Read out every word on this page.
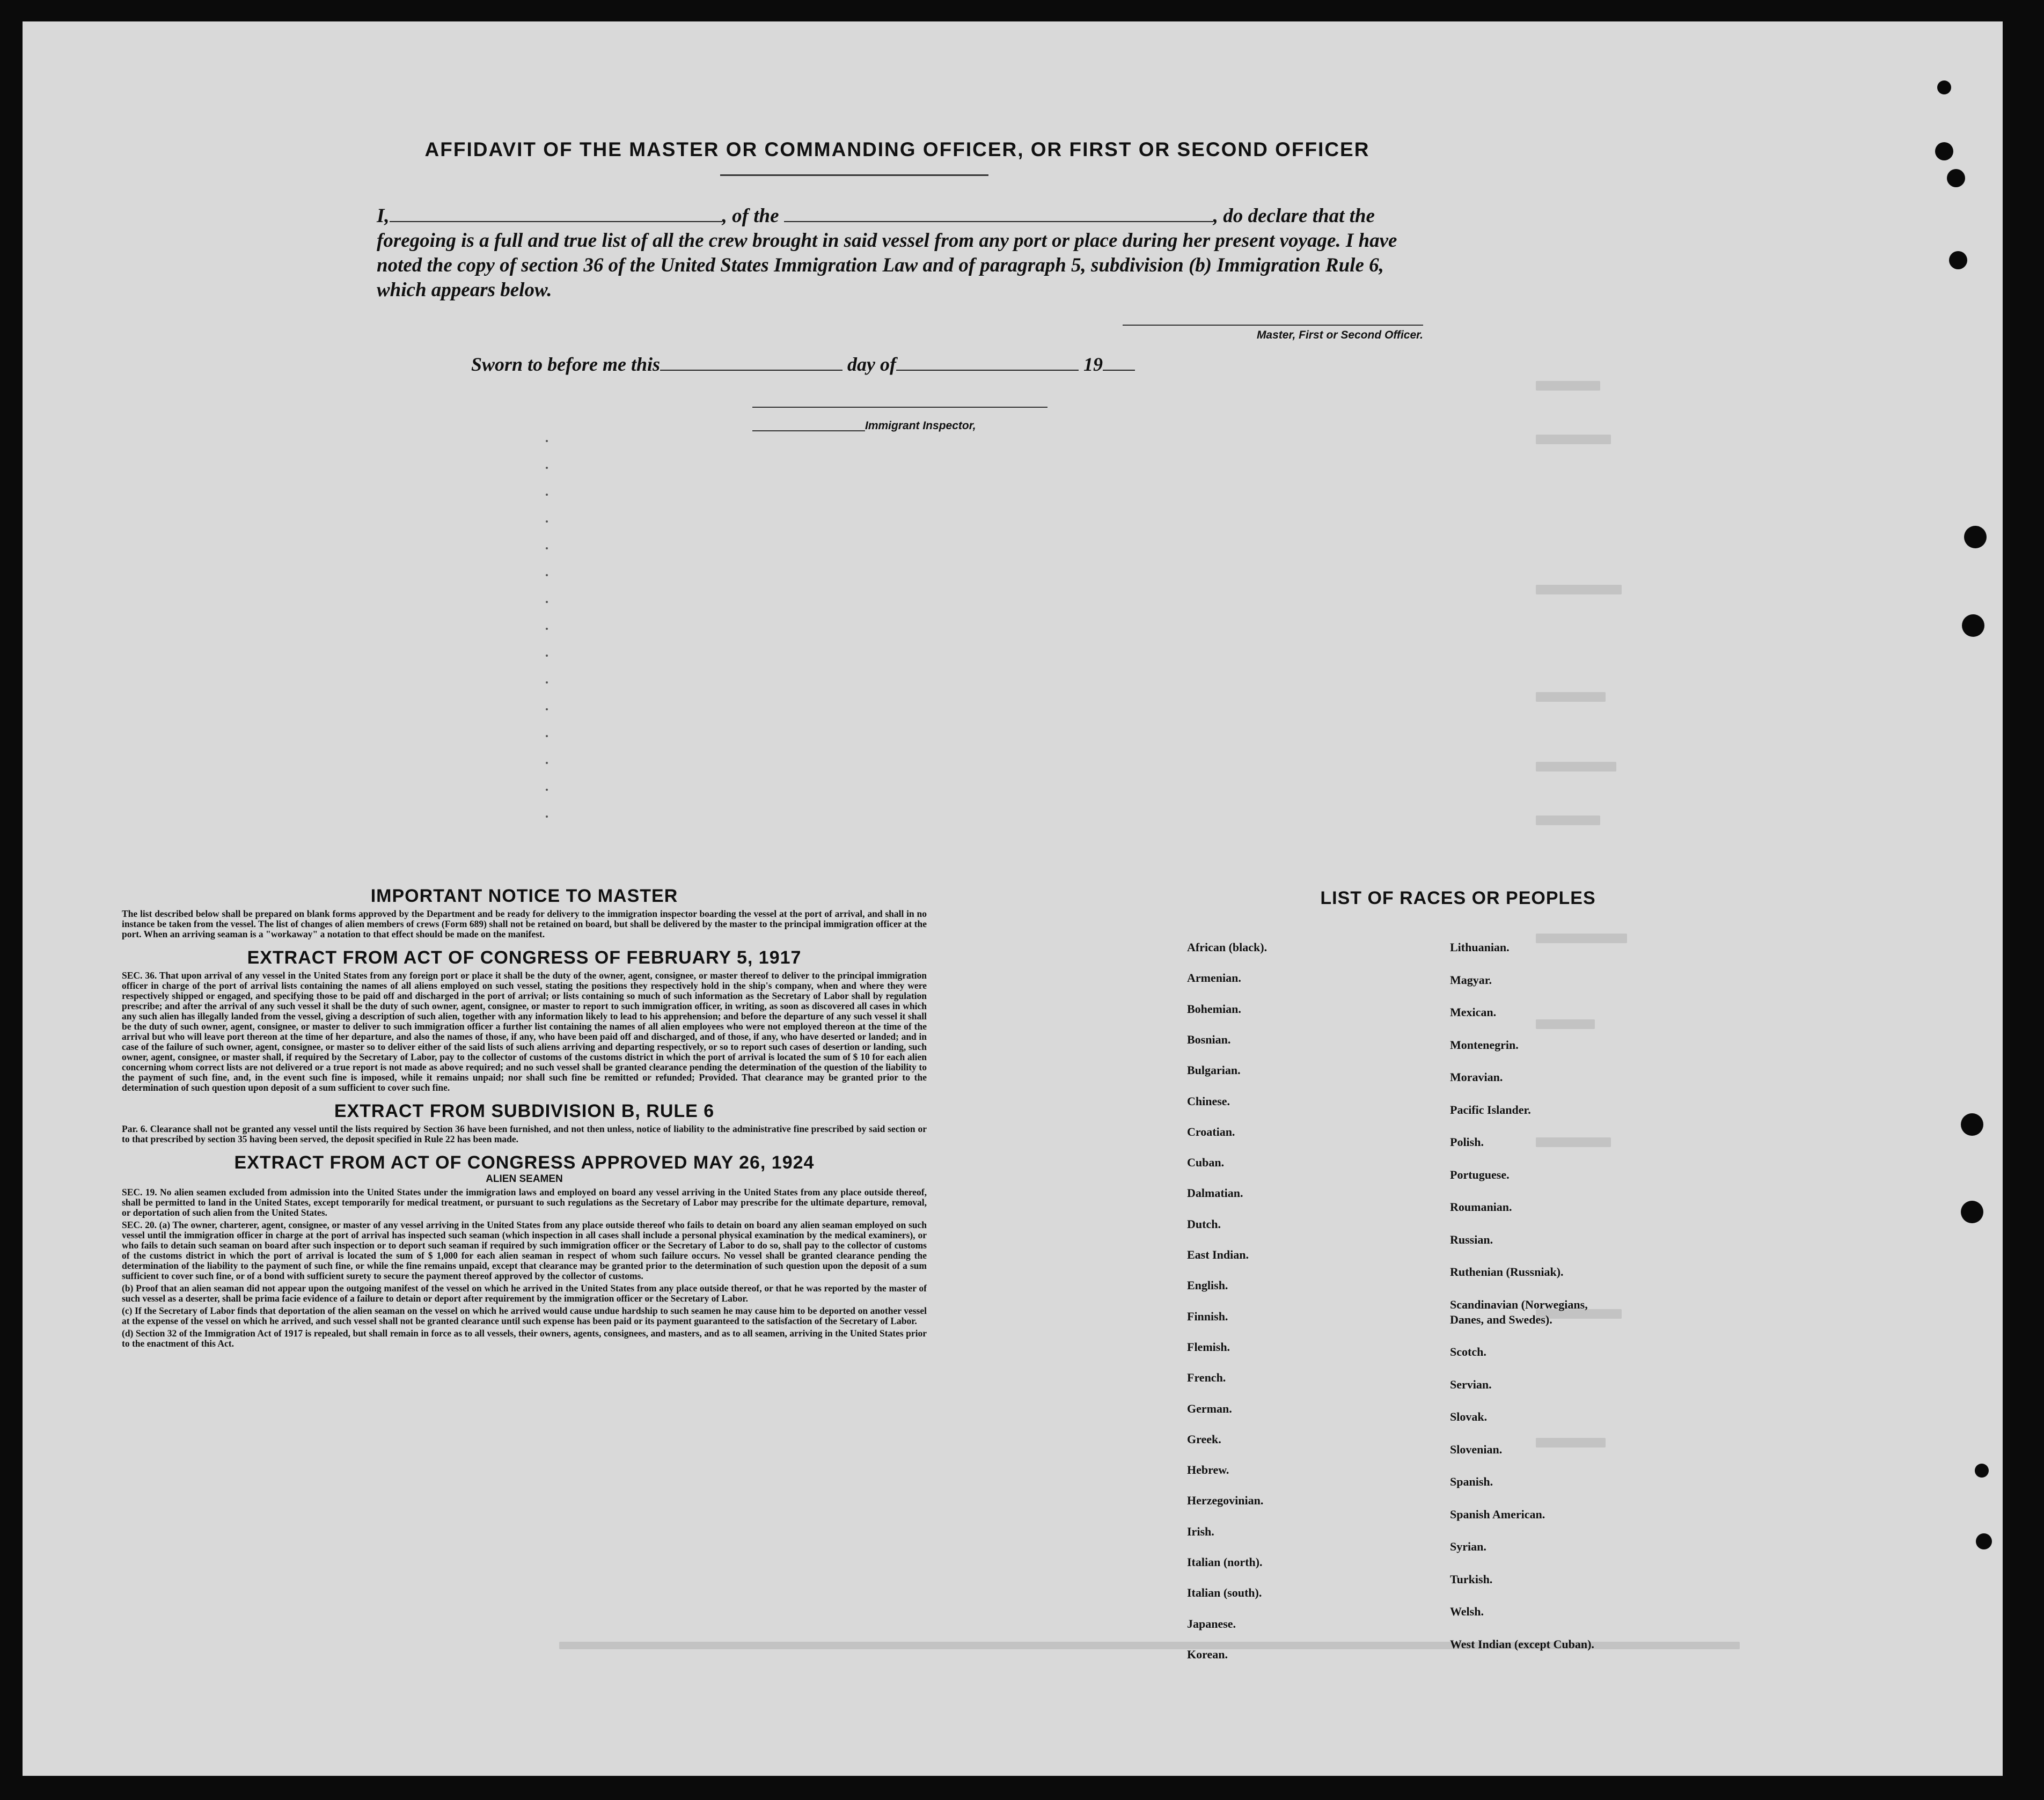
AFFIDAVIT OF THE MASTER OR COMMANDING OFFICER, OR FIRST OR SECOND OFFICER

I,	, of the	, do declare that the foregoing is a full and true list of all the crew brought in said vessel from any port or place during her present voyage. I have noted the copy of section 36 of the United States Immigration Law and of paragraph 5, subdivision (b) Immigration Rule 6, which appears below.

Master, First or Second Officer.

Sworn to before me this	day of	19

Immigrant Inspector,

IMPORTANT NOTICE TO MASTER

The list described below shall be prepared on blank forms approved by the Department and be ready for delivery to the immigration inspector boarding the vessel at the port of arrival, and shall in no instance be taken from the vessel. The list of changes of alien members of crews (Form 689) shall not be retained on board, but shall be delivered by the master to the principal immigration officer at the port. When an arriving seaman is a "workaway" a notation to that effect should be made on the manifest.

EXTRACT FROM ACT OF CONGRESS OF FEBRUARY 5, 1917

SEC. 36. That upon arrival of any vessel in the United States from any foreign port or place it shall be the duty of the owner, agent, consignee, or master thereof to deliver to the principal immigration officer in charge of the port of arrival lists containing the names of all aliens employed on such vessel, stating the positions they respectively hold in the ship's company, when and where they were respectively shipped or engaged, and specifying those to be paid off and discharged in the port of arrival; or lists containing so much of such information as the Secretary of Labor shall by regulation prescribe; and after the arrival of any such vessel it shall be the duty of such owner, agent, consignee, or master to report to such immigration officer, in writing, as soon as discovered all cases in which any such alien has illegally landed from the vessel, giving a description of such alien, together with any information likely to lead to his apprehension; and before the departure of any such vessel it shall be the duty of such owner, agent, consignee, or master to deliver to such immigration officer a further list containing the names of all alien employees who were not employed thereon at the time of the arrival but who will leave port thereon at the time of her departure, and also the names of those, if any, who have been paid off and discharged, and of those, if any, who have deserted or landed; and in case of the failure of such owner, agent, consignee, or master so to deliver either of the said lists of such aliens arriving and departing respectively, or so to report such cases of desertion or landing, such owner, agent, consignee, or master shall, if required by the Secretary of Labor, pay to the collector of customs of the customs district in which the port of arrival is located the sum of $ 10 for each alien concerning whom correct lists are not delivered or a true report is not made as above required; and no such vessel shall be granted clearance pending the determination of the question of the liability to the payment of such fine, and, in the event such fine is imposed, while it remains unpaid; nor shall such fine be remitted or refunded; Provided. That clearance may be granted prior to the determination of such question upon deposit of a sum sufficient to cover such fine.

EXTRACT FROM SUBDIVISION B, RULE 6

Par. 6. Clearance shall not be granted any vessel until the lists required by Section 36 have been furnished, and not then unless, notice of liability to the administrative fine prescribed by said section or to that prescribed by section 35 having been served, the deposit specified in Rule 22 has been made.

EXTRACT FROM ACT OF CONGRESS APPROVED MAY 26, 1924

ALIEN SEAMEN

SEC. 19. No alien seamen excluded from admission into the United States under the immigration laws and employed on board any vessel arriving in the United States from any place outside thereof, shall be permitted to land in the United States, except temporarily for medical treatment, or pursuant to such regulations as the Secretary of Labor may prescribe for the ultimate departure, removal, or deportation of such alien from the United States.

SEC. 20. (a) The owner, charterer, agent, consignee, or master of any vessel arriving in the United States from any place outside thereof who fails to detain on board any alien seaman employed on such vessel until the immigration officer in charge at the port of arrival has inspected such seaman (which inspection in all cases shall include a personal physical examination by the medical examiners), or who fails to detain such seaman on board after such inspection or to deport such seaman if required by such immigration officer or the Secretary of Labor to do so, shall pay to the collector of customs of the customs district in which the port of arrival is located the sum of $ 1,000 for each alien seaman in respect of whom such failure occurs. No vessel shall be granted clearance pending the determination of the liability to the payment of such fine, or while the fine remains unpaid, except that clearance may be granted prior to the determination of such question upon the deposit of a sum sufficient to cover such fine, or of a bond with sufficient surety to secure the payment thereof approved by the collector of customs.

(b) Proof that an alien seaman did not appear upon the outgoing manifest of the vessel on which he arrived in the United States from any place outside thereof, or that he was reported by the master of such vessel as a deserter, shall be prima facie evidence of a failure to detain or deport after requirement by the immigration officer or the Secretary of Labor.

(c) If the Secretary of Labor finds that deportation of the alien seaman on the vessel on which he arrived would cause undue hardship to such seamen he may cause him to be deported on another vessel at the expense of the vessel on which he arrived, and such vessel shall not be granted clearance until such expense has been paid or its payment guaranteed to the satisfaction of the Secretary of Labor.

(d) Section 32 of the Immigration Act of 1917 is repealed, but shall remain in force as to all vessels, their owners, agents, consignees, and masters, and as to all seamen, arriving in the United States prior to the enactment of this Act.

LIST OF RACES OR PEOPLES

African (black).

Armenian.

Bohemian.

Bosnian.

Bulgarian.

Chinese.

Croatian.

Cuban.

Dalmatian.

Dutch.

East Indian.

English.

Finnish.

Flemish.

French.

German.

Greek.

Hebrew.

Herzegovinian.

Irish.

Italian (north).

Italian (south).

Japanese.

Korean.

Lithuanian.

Magyar.

Mexican.

Montenegrin.

Moravian.

Pacific Islander.

Polish.

Portuguese.

Roumanian.

Russian.

Ruthenian (Russniak).

Scandinavian (Norwegians,
Danes, and Swedes).

Scotch.

Servian.

Slovak.

Slovenian.

Spanish.

Spanish American.

Syrian.

Turkish.

Welsh.

West Indian (except Cuban).
